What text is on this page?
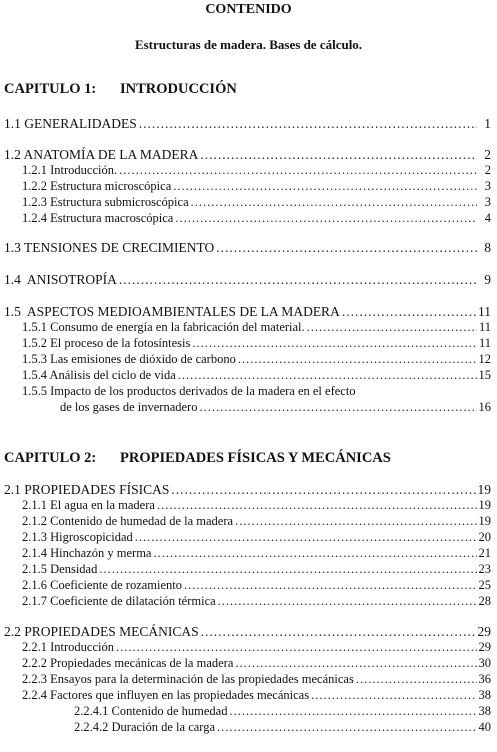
CONTENIDO
Estructuras de madera. Bases de cálculo.
CAPITULO 1: INTRODUCCIÓN
1.1 GENERALIDADES .....	1
1.2 ANATOMÍA DE LA MADERA .....	2
1.2.1 Introducción. .....	2
1.2.2 Estructura microscópica .....	3
1.2.3 Estructura submicroscópica .....	3
1.2.4 Estructura macroscópica .....	4
1.3 TENSIONES DE CRECIMIENTO .....	8
1.4  ANISOTROPÍA .....	9
1.5  ASPECTOS MEDIOAMBIENTALES DE LA MADERA .....	11
1.5.1 Consumo de energía en la fabricación del material. .....	11
1.5.2 El proceso de la fotosíntesis .....	11
1.5.3 Las emisiones de dióxido de carbono .....	12
1.5.4 Análisis del ciclo de vida .....	15
1.5.5 Impacto de los productos derivados de la madera en el efecto
de los gases de invernadero .....	16
CAPITULO 2: PROPIEDADES FÍSICAS Y MECÁNICAS
2.1 PROPIEDADES FÍSICAS .....	19
2.1.1 El agua en la madera .....	19
2.1.2 Contenido de humedad de la madera .....	19
2.1.3 Higroscopicidad .....	20
2.1.4 Hinchazón y merma .....	21
2.1.5 Densidad .....	23
2.1.6 Coeficiente de rozamiento .....	25
2.1.7 Coeficiente de dilatación térmica .....	28
2.2 PROPIEDADES MECÁNICAS .....	29
2.2.1 Introducción .....	29
2.2.2 Propiedades mecánicas de la madera .....	30
2.2.3 Ensayos para la determinación de las propiedades mecánicas .....	36
2.2.4 Factores que influyen en las propiedades mecánicas .....	38
2.2.4.1 Contenido de humedad .....	38
2.2.4.2 Duración de la carga .....	40
